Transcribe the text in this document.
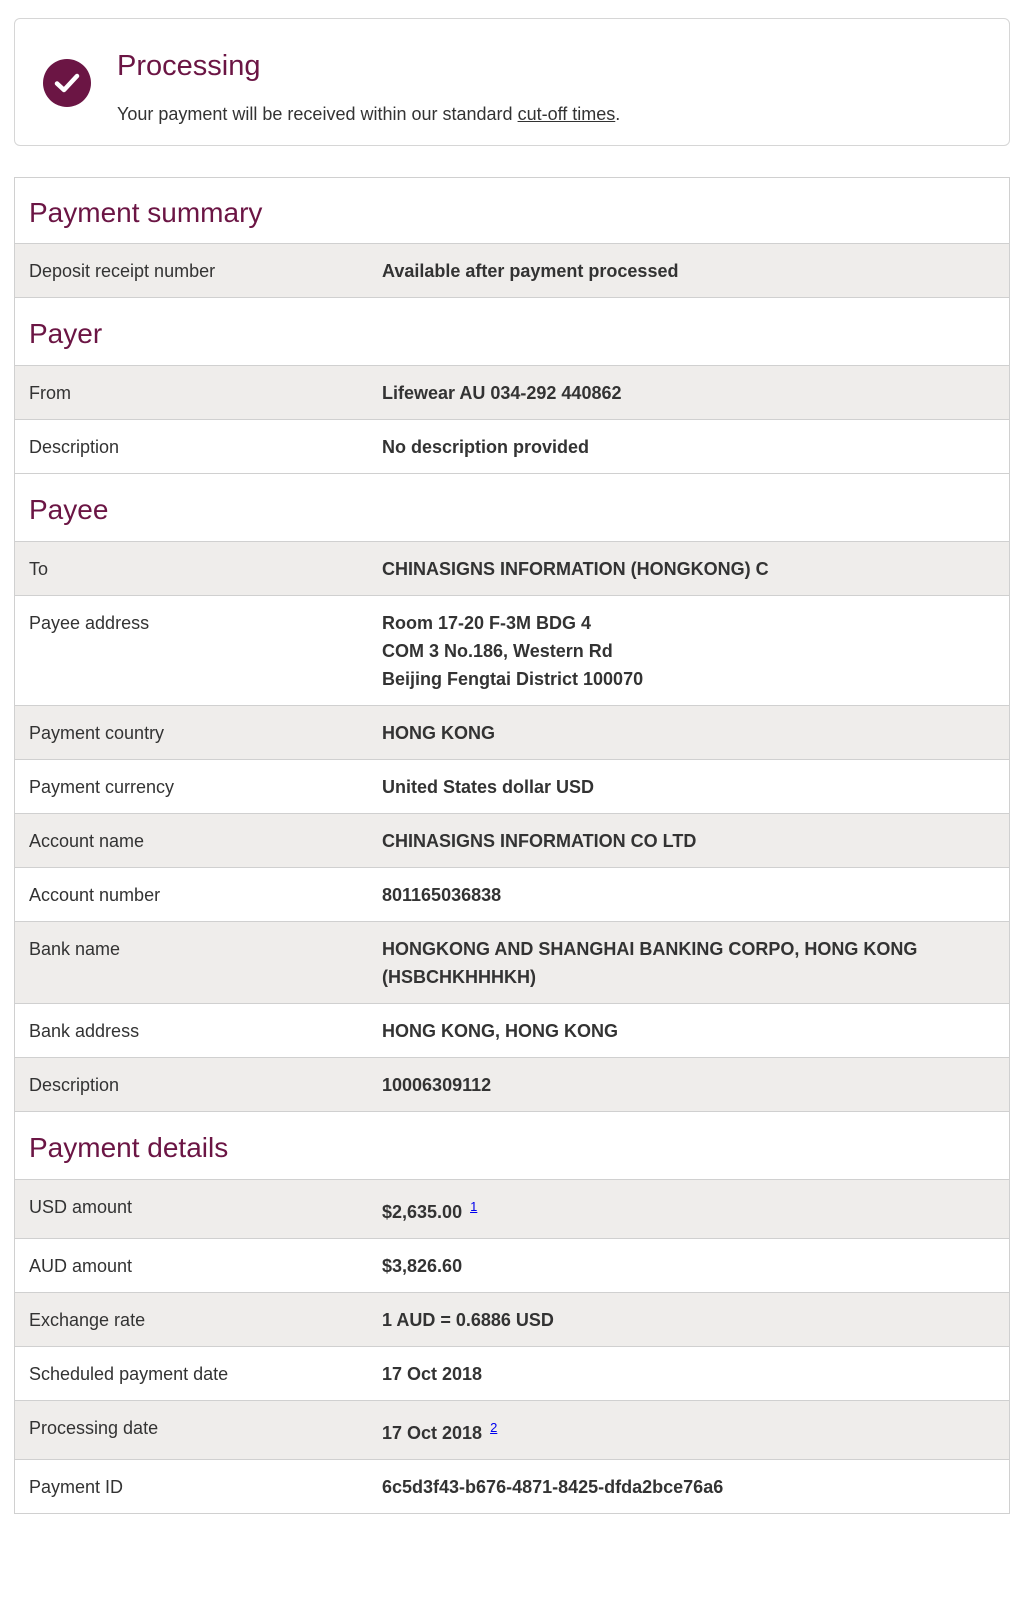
Processing
Your payment will be received within our standard cut-off times.
Payment summary
Deposit receipt number	Available after payment processed
Payer
From	Lifewear AU 034-292 440862
Description	No description provided
Payee
To	CHINASIGNS INFORMATION (HONGKONG) C
Payee address	Room 17-20 F-3M BDG 4
COM 3 No.186, Western Rd
Beijing Fengtai District 100070
Payment country	HONG KONG
Payment currency	United States dollar USD
Account name	CHINASIGNS INFORMATION CO LTD
Account number	801165036838
Bank name	HONGKONG AND SHANGHAI BANKING CORPO, HONG KONG (HSBCHKHHHKH)
Bank address	HONG KONG, HONG KONG
Description	10006309112
Payment details
USD amount	$2,635.00 $^1$
AUD amount	$3,826.60
Exchange rate	1 AUD = 0.6886 USD
Scheduled payment date	17 Oct 2018
Processing date	17 Oct 2018 $^2$
Payment ID	6c5d3f43-b676-4871-8425-dfda2bce76a6
